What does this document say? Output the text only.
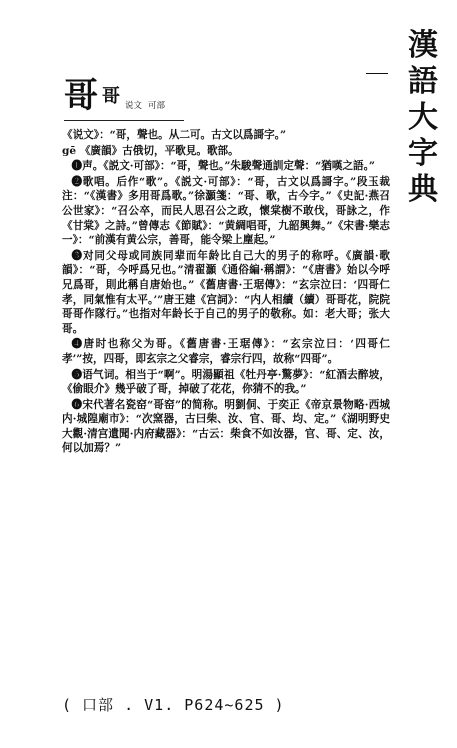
漢
語
大
字
典
哥 哥 说文 可部

《说文》：“哥，聲也。从二可。古文以爲謌字。”

gē 《廣韻》古俄切，平歌見。歌部。

❶声。《説文·可部》：“哥，聲也。”朱駿聲通訓定聲：“猶嘆之語。”

❷歌唱。后作“歌”。《説文·可部》：“哥，古文以爲謌字。”段玉裁注：“《漢書》多用哥爲歌。”徐灝箋：“哥、歌，古今字。”《史記·燕召公世家》：“召公卒，而民人思召公之政，懷棠樹不敢伐，哥詠之，作《甘棠》之詩。”曾傳志《節賦》：“黄綢唱哥，九韶興舞。”《宋書·樂志一》：“前漢有黄公宗，善哥，能令梁上塵起。”

❸对同父母或同族同辈而年龄比自己大的男子的称呼。《廣韻·歌韻》：“哥，今呼爲兄也。”清翟灝《通俗編·稱謂》：“《唐書》始以今呼兄爲哥，則此稱自唐始也。”《舊唐書·王琚傳》：“玄宗泣曰：‘四哥仁孝，同氣惟有太平。’”唐王建《宫詞》：“内人相續（續）哥哥花，院院哥哥作隊行。”也指对年龄长于自己的男子的敬称。如：老大哥；张大哥。

❹唐时也称父为哥。《舊唐書·王琚傳》：“玄宗泣曰：‘四哥仁孝’”按，四哥，即玄宗之父睿宗，睿宗行四，故称“四哥”。

❺语气词。相当于“啊”。明湯顯祖《牡丹亭·驚夢》：“紅酒去醉坡，《偷眼介》幾乎破了哥，掉破了花花，你猜不的我。”

❻宋代著名瓷窑“哥窑”的简称。明劉侗、于奕正《帝京景物略·西城内·城隍廟市》：“次窯器，古曰柴、汝、官、哥、均、定。”《湖明野史大觀·清宫遺聞·内府藏器》：“古云：柴食不如汝器，官、哥、定、汝，何以加焉？”

( 口部 . V1. P624~625 )
